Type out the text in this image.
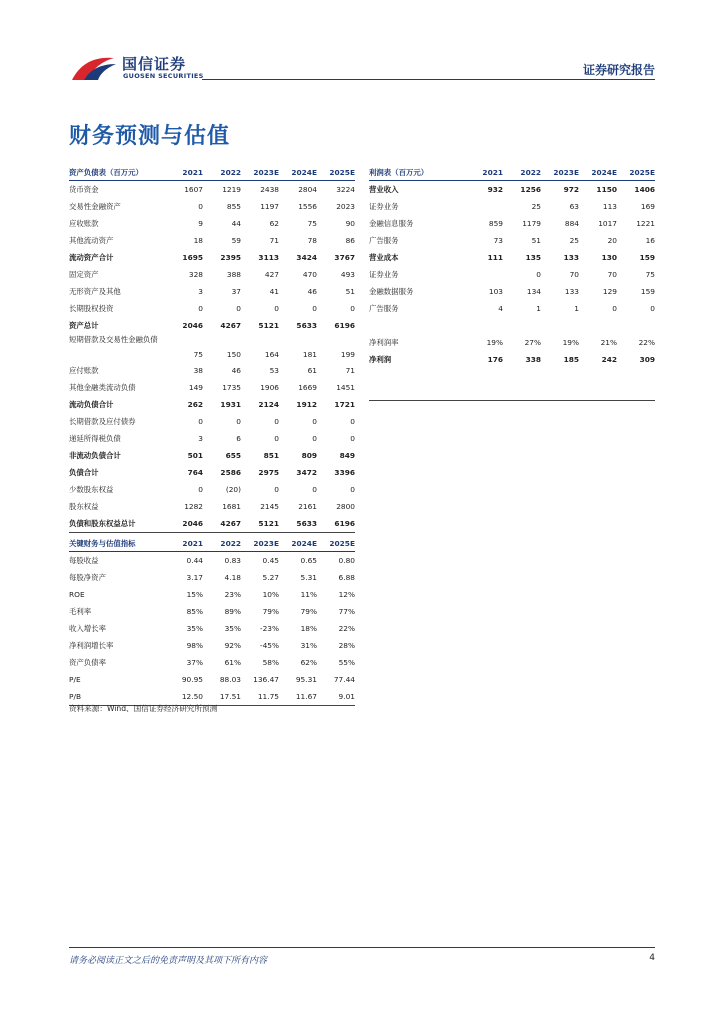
国信证券
GUOSEN SECURITIES	证券研究报告
财务预测与估值
资产负债表（百万元）	2021	2022	2023E	2024E	2025E
货币资金	1607	1219	2438	2804	3224
交易性金融资产	0	855	1197	1556	2023
应收账款	9	44	62	75	90
其他流动资产	18	59	71	78	86
流动资产合计	1695	2395	3113	3424	3767
固定资产	328	388	427	470	493
无形资产及其他	3	37	41	46	51
长期股权投资	0	0	0	0	0
资产总计	2046	4267	5121	5633	6196
短期借款及交易性金融负债	75	150	164	181	199
应付账款	38	46	53	61	71
其他金融类流动负债	149	1735	1906	1669	1451
流动负债合计	262	1931	2124	1912	1721
长期借款及应付债券	0	0	0	0	0
递延所得税负债	3	6	0	0	0
非流动负债合计	501	655	851	809	849
负债合计	764	2586	2975	3472	3396
少数股东权益	0	(20)	0	0	0
股东权益	1282	1681	2145	2161	2800
负债和股东权益总计	2046	4267	5121	5633	6196
利润表（百万元）	2021	2022	2023E	2024E	2025E
营业收入	932	1256	972	1150	1406
证券业务		25	63	113	169
金融信息服务	859	1179	884	1017	1221
广告服务	73	51	25	20	16
营业成本	111	135	133	130	159
证券业务		0	70	70	75
金融数据服务	103	134	133	129	159
广告服务	4	1	1	0	0

净利润率	19%	27%	19%	21%	22%
净利润	176	338	185	242	309
关键财务与估值指标	2021	2022	2023E	2024E	2025E
每股收益	0.44	0.83	0.45	0.65	0.80
每股净资产	3.17	4.18	5.27	5.31	6.88
ROE	15%	23%	10%	11%	12%
毛利率	85%	89%	79%	79%	77%
收入增长率	35%	35%	-23%	18%	22%
净利润增长率	98%	92%	-45%	31%	28%
资产负债率	37%	61%	58%	62%	55%
P/E	90.95	88.03	136.47	95.31	77.44
P/B	12.50	17.51	11.75	11.67	9.01
资料来源：Wind、国信证券经济研究所预测
请务必阅读正文之后的免责声明及其项下所有内容	4
